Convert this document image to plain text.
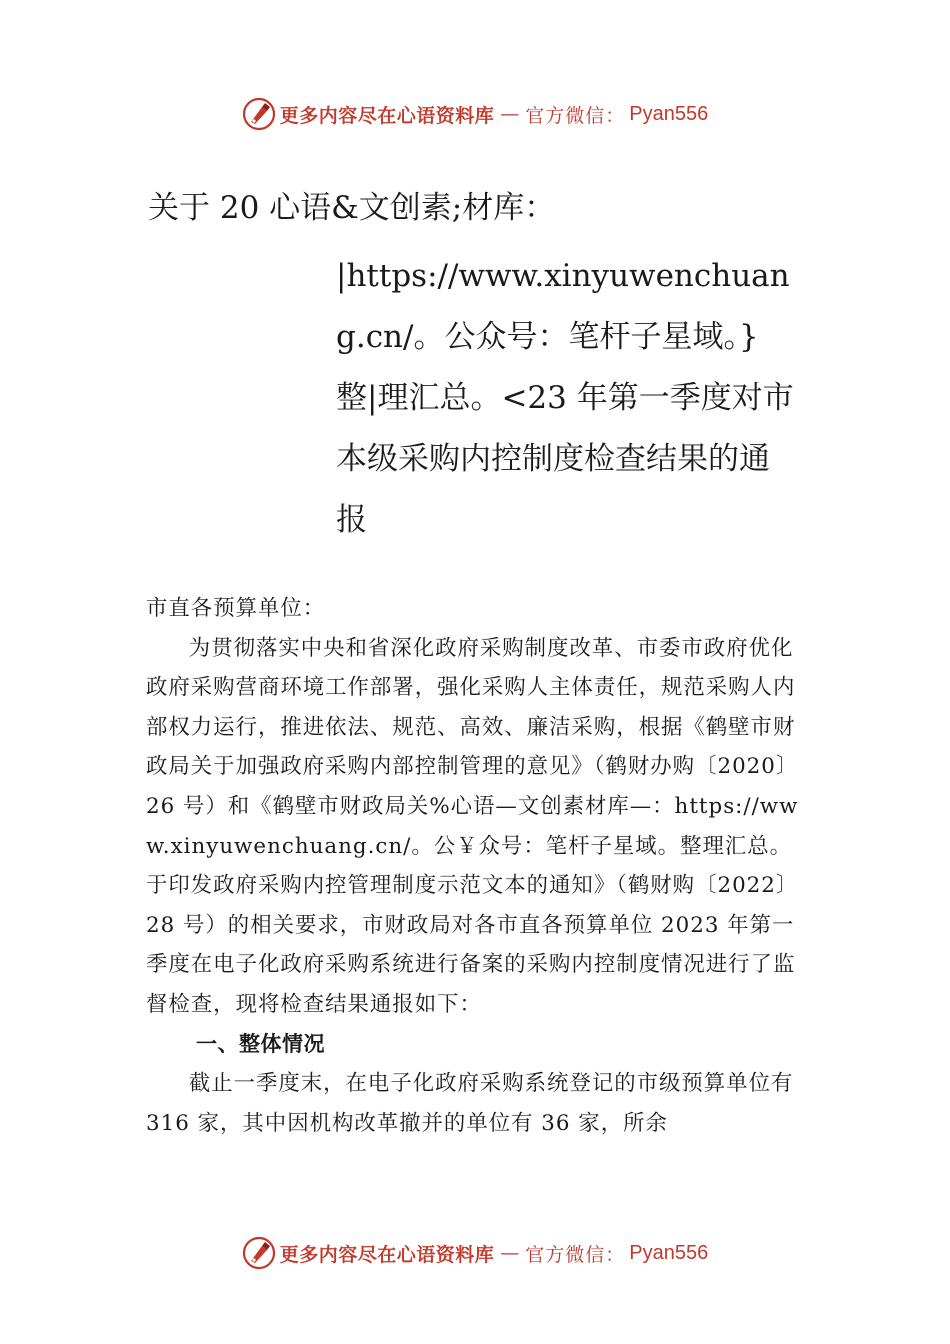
更多内容尽在心语资料库 — 官方微信： Pyan556
关于 20 心语&文创素;材库：
|https://www.xinyuwenchuang.cn/。公众号：笔杆子星域。}整|理汇总。<23 年第一季度对市本级采购内控制度检查结果的通报

市直各预算单位：

为贯彻落实中央和省深化政府采购制度改革、市委市政府优化政府采购营商环境工作部署，强化采购人主体责任，规范采购人内部权力运行，推进依法、规范、高效、廉洁采购，根据《鹤壁市财政局关于加强政府采购内部控制管理的意见》（鹤财办购〔2020〕26 号）和《鹤壁市财政局关%心语—文创素材库—：https://www.xinyuwenchuang.cn/。公￥众号：笔杆子星域。整理汇总。于印发政府采购内控管理制度示范文本的通知》（鹤财购〔2022〕28 号）的相关要求，市财政局对各市直各预算单位 2023 年第一季度在电子化政府采购系统进行备案的采购内控制度情况进行了监督检查，现将检查结果通报如下：

一、整体情况

截止一季度末，在电子化政府采购系统登记的市级预算单位有 316 家，其中因机构改革撤并的单位有 36 家，所余

更多内容尽在心语资料库 — 官方微信： Pyan556
